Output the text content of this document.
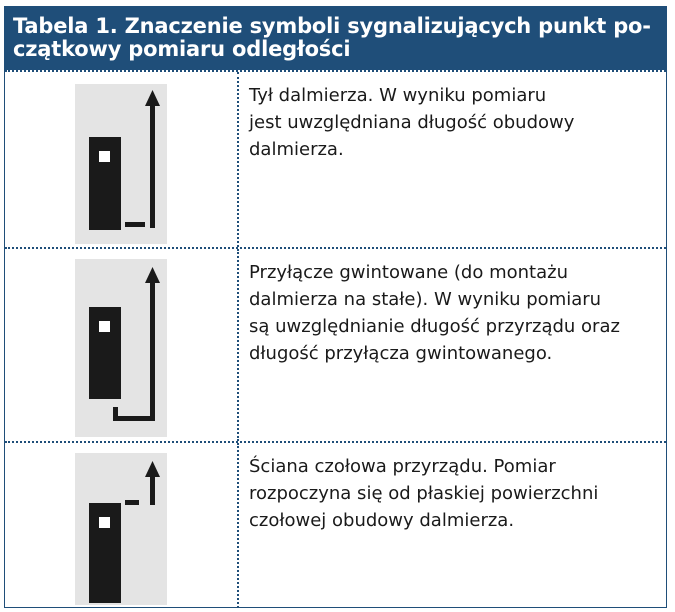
Tabela 1. Znaczenie symboli sygnalizujących punkt po-
czątkowy pomiaru odległości
Tył dalmierza. W wyniku pomiaru
jest uwzględniana długość obudowy
dalmierza.
Przyłącze gwintowane (do montażu
dalmierza na stałe). W wyniku pomiaru
są uwzględnianie długość przyrządu oraz
długość przyłącza gwintowanego.
Ściana czołowa przyrządu. Pomiar
rozpoczyna się od płaskiej powierzchni
czołowej obudowy dalmierza.
